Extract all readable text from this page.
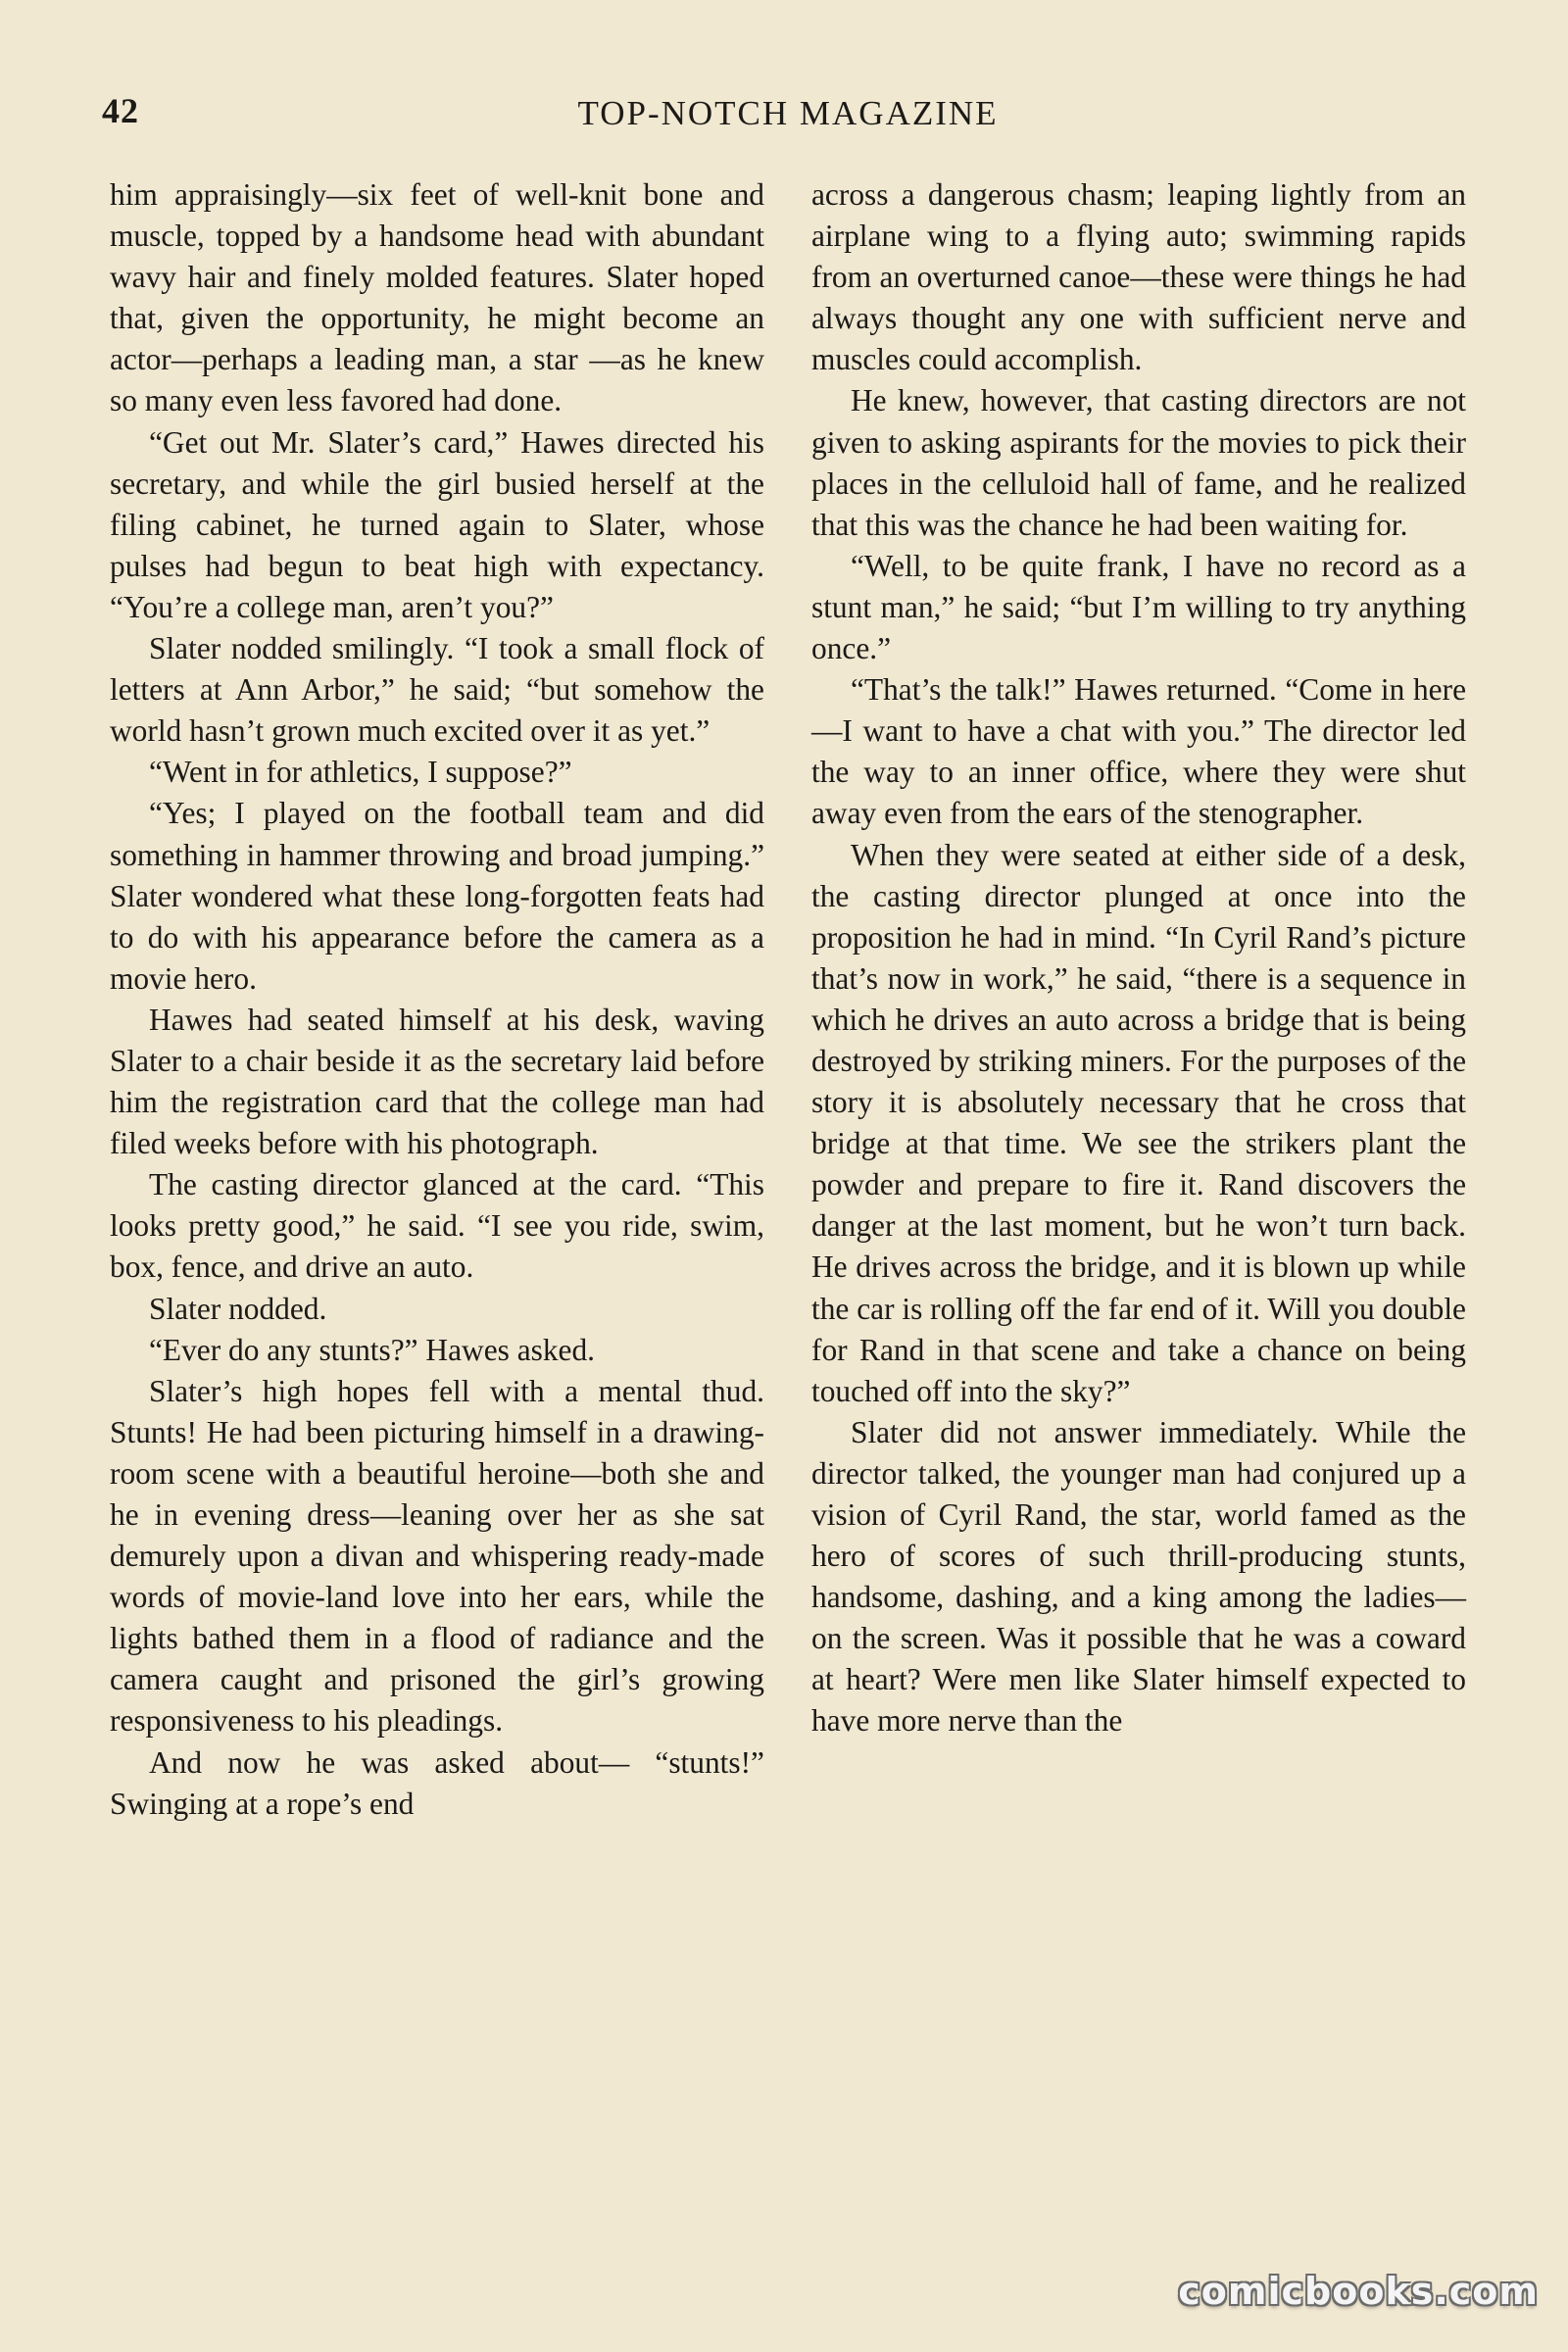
42	TOP-NOTCH MAGAZINE

him appraisingly—six feet of well-knit bone and muscle, topped by a handsome head with abundant wavy hair and finely molded features. Slater hoped that, given the opportunity, he might become an actor—perhaps a leading man, a star —as he knew so many even less favored had done.

“Get out Mr. Slater’s card,” Hawes directed his secretary, and while the girl busied herself at the filing cabinet, he turned again to Slater, whose pulses had begun to beat high with expectancy. “You’re a college man, aren’t you?”

Slater nodded smilingly. “I took a small flock of letters at Ann Arbor,” he said; “but somehow the world hasn’t grown much excited over it as yet.”

“Went in for athletics, I suppose?”

“Yes; I played on the football team and did something in hammer throwing and broad jumping.” Slater wondered what these long-forgotten feats had to do with his appearance before the camera as a movie hero.

Hawes had seated himself at his desk, waving Slater to a chair beside it as the secretary laid before him the registration card that the college man had filed weeks before with his photograph.

The casting director glanced at the card. “This looks pretty good,” he said. “I see you ride, swim, box, fence, and drive an auto.

Slater nodded.

“Ever do any stunts?” Hawes asked.

Slater’s high hopes fell with a mental thud. Stunts! He had been picturing himself in a drawing-room scene with a beautiful heroine—both she and he in evening dress—leaning over her as she sat demurely upon a divan and whispering ready-made words of movie-land love into her ears, while the lights bathed them in a flood of radiance and the camera caught and prisoned the girl’s growing responsiveness to his pleadings.

And now he was asked about— “stunts!” Swinging at a rope’s end

across a dangerous chasm; leaping lightly from an airplane wing to a flying auto; swimming rapids from an overturned canoe—these were things he had always thought any one with sufficient nerve and muscles could accomplish.

He knew, however, that casting directors are not given to asking aspirants for the movies to pick their places in the celluloid hall of fame, and he realized that this was the chance he had been waiting for.

“Well, to be quite frank, I have no record as a stunt man,” he said; “but I’m willing to try anything once.”

“That’s the talk!” Hawes returned. “Come in here—I want to have a chat with you.” The director led the way to an inner office, where they were shut away even from the ears of the stenographer.

When they were seated at either side of a desk, the casting director plunged at once into the proposition he had in mind. “In Cyril Rand’s picture that’s now in work,” he said, “there is a sequence in which he drives an auto across a bridge that is being destroyed by striking miners. For the purposes of the story it is absolutely necessary that he cross that bridge at that time. We see the strikers plant the powder and prepare to fire it. Rand discovers the danger at the last moment, but he won’t turn back. He drives across the bridge, and it is blown up while the car is rolling off the far end of it. Will you double for Rand in that scene and take a chance on being touched off into the sky?”

Slater did not answer immediately. While the director talked, the younger man had conjured up a vision of Cyril Rand, the star, world famed as the hero of scores of such thrill-producing stunts, handsome, dashing, and a king among the ladies—on the screen. Was it possible that he was a coward at heart? Were men like Slater himself expected to have more nerve than the

comicbooks.com
